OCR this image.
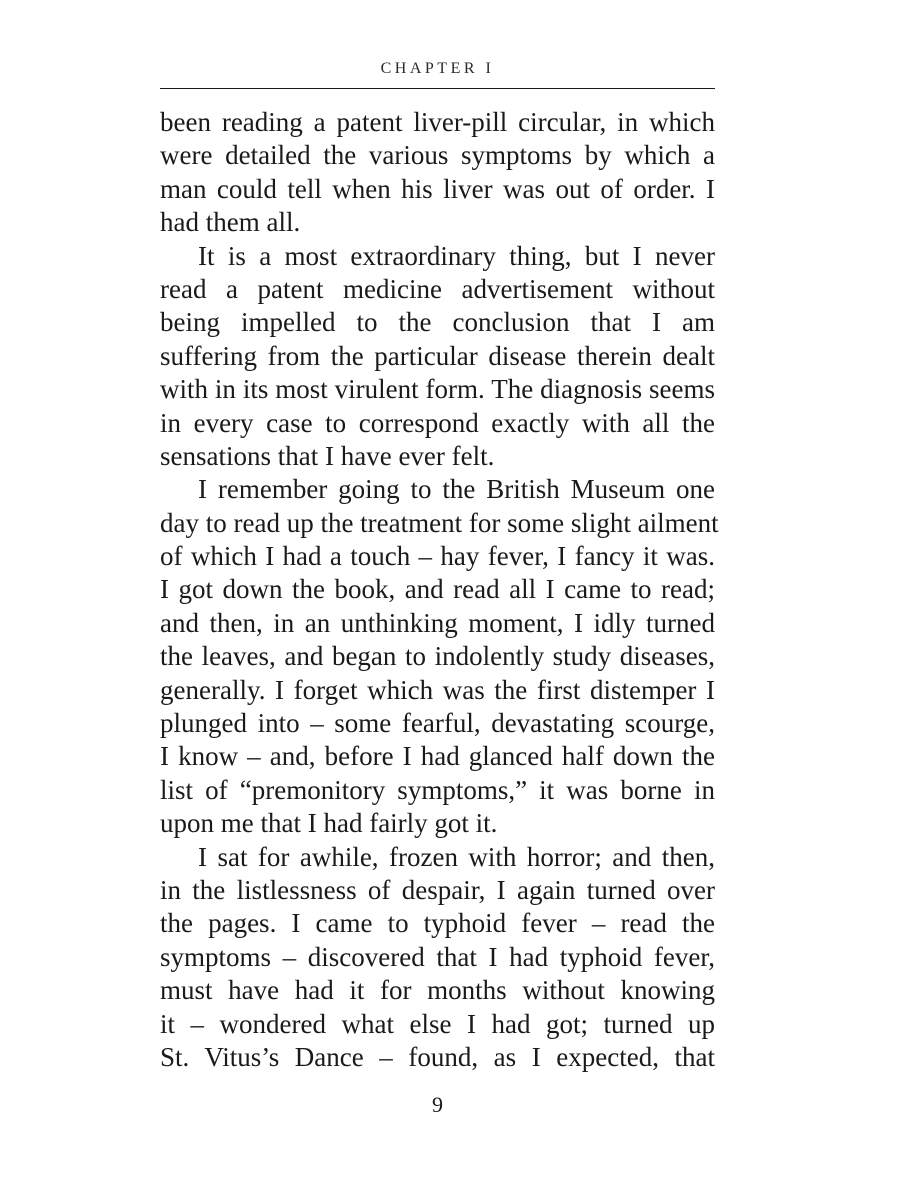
CHAPTER I
been reading a patent liver-pill circular, in which
were detailed the various symptoms by which a
man could tell when his liver was out of order. I
had them all.
It is a most extraordinary thing, but I never
read a patent medicine advertisement without
being impelled to the conclusion that I am
suffering from the particular disease therein dealt
with in its most virulent form. The diagnosis seems
in every case to correspond exactly with all the
sensations that I have ever felt.
I remember going to the British Museum one
day to read up the treatment for some slight ailment
of which I had a touch – hay fever, I fancy it was.
I got down the book, and read all I came to read;
and then, in an unthinking moment, I idly turned
the leaves, and began to indolently study diseases,
generally. I forget which was the first distemper I
plunged into – some fearful, devastating scourge,
I know – and, before I had glanced half down the
list of “premonitory symptoms,” it was borne in
upon me that I had fairly got it.
I sat for awhile, frozen with horror; and then,
in the listlessness of despair, I again turned over
the pages. I came to typhoid fever – read the
symptoms – discovered that I had typhoid fever,
must have had it for months without knowing
it – wondered what else I had got; turned up
St. Vitus’s Dance – found, as I expected, that
9
